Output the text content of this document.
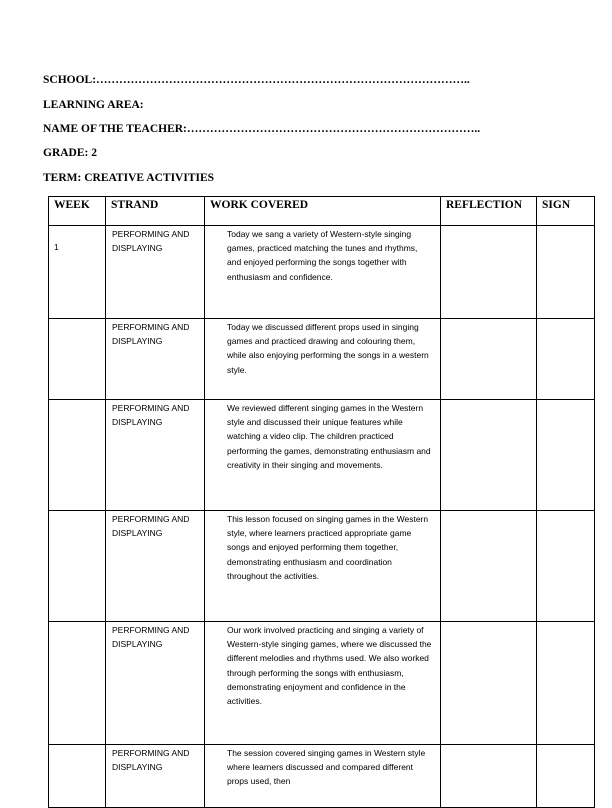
SCHOOL:……………………………………………………………………………………..
LEARNING AREA:
NAME OF THE TEACHER:…………………………………………………………………..
GRADE: 2
TERM: CREATIVE ACTIVITIES
WEEK	STRAND	WORK COVERED	REFLECTION	SIGN
1	PERFORMING AND DISPLAYING	Today we sang a variety of Western-style singing games, practiced matching the tunes and rhythms, and enjoyed performing the songs together with enthusiasm and confidence.		

	PERFORMING AND DISPLAYING	Today we discussed different props used in singing games and practiced drawing and colouring them, while also enjoying performing the songs in a western style.		

	PERFORMING AND DISPLAYING	We reviewed different singing games in the Western style and discussed their unique features while watching a video clip. The children practiced performing the games, demonstrating enthusiasm and creativity in their singing and movements.		

	PERFORMING AND DISPLAYING	This lesson focused on singing games in the Western style, where learners practiced appropriate game songs and enjoyed performing them together, demonstrating enthusiasm and coordination throughout the activities.		

	PERFORMING AND DISPLAYING	Our work involved practicing and singing a variety of Western-style singing games, where we discussed the different melodies and rhythms used. We also worked through performing the songs with enthusiasm, demonstrating enjoyment and confidence in the activities.		

	PERFORMING AND DISPLAYING	The session covered singing games in Western style where learners discussed and compared different props used, then		
